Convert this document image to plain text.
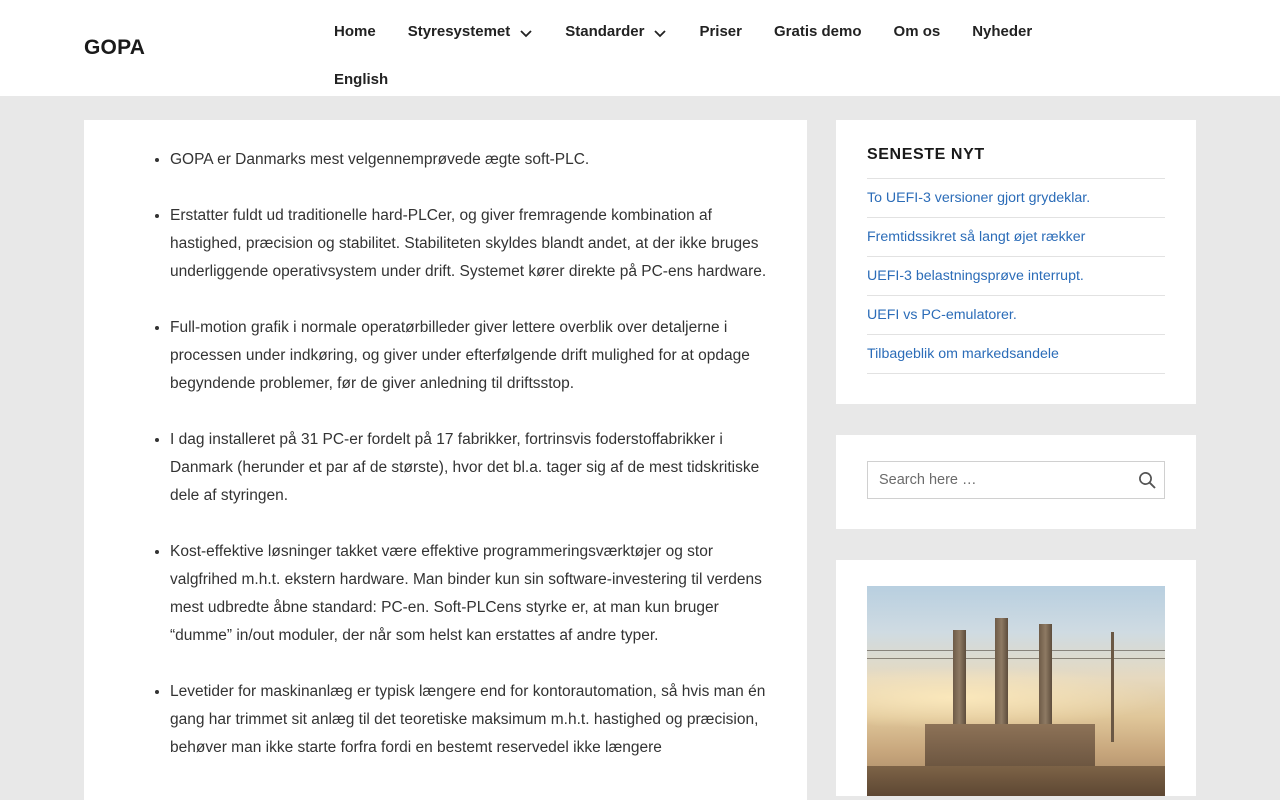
GOPA
Home Styresystemet	Standarder	Priser Gratis demo Om os Nyheder
English
• GOPA er Danmarks mest velgennemprøvede ægte soft-PLC.
• Erstatter fuldt ud traditionelle hard-PLCer, og giver fremragende kombination af hastighed, præcision og stabilitet. Stabiliteten skyldes blandt andet, at der ikke bruges underliggende operativsystem under drift. Systemet kører direkte på PC-ens hardware.
• Full-motion grafik i normale operatørbilleder giver lettere overblik over detaljerne i processen under indkøring, og giver under efterfølgende drift mulighed for at opdage begyndende problemer, før de giver anledning til driftsstop.
• I dag installeret på 31 PC-er fordelt på 17 fabrikker, fortrinsvis foderstoffabrikker i Danmark (herunder et par af de største), hvor det bl.a. tager sig af de mest tidskritiske dele af styringen.
• Kost-effektive løsninger takket være effektive programmeringsværktøjer og stor valgfrihed m.h.t. ekstern hardware. Man binder kun sin software-investering til verdens mest udbredte åbne standard: PC-en. Soft-PLCens styrke er, at man kun bruger “dumme” in/out moduler, der når som helst kan erstattes af andre typer.
• Levetider for maskinanlæg er typisk længere end for kontorautomation, så hvis man én gang har trimmet sit anlæg til det teoretiske maksimum m.h.t. hastighed og præcision, behøver man ikke starte forfra fordi en bestemt reservedel ikke længere
SENESTE NYT
To UEFI-3 versioner gjort grydeklar.
Fremtidssikret så langt øjet rækker
UEFI-3 belastningsprøve interrupt.
UEFI vs PC-emulatorer.
Tilbageblik om markedsandele
Search here …
